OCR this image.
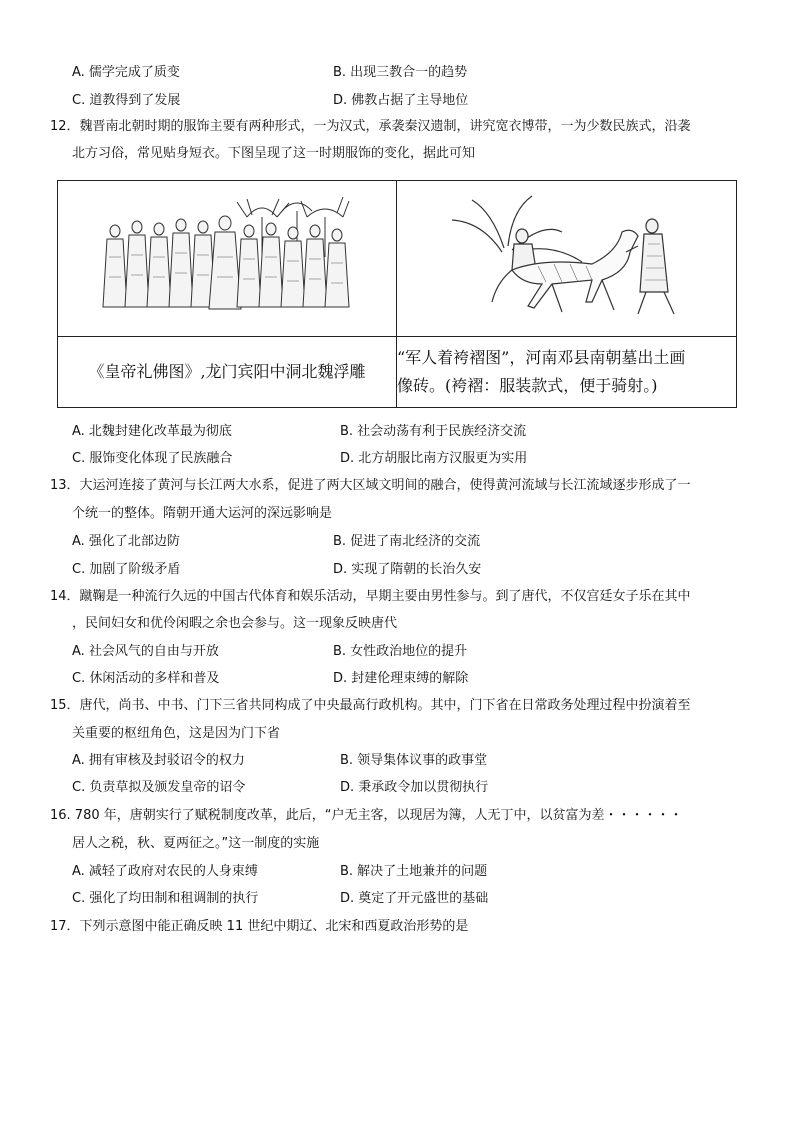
A. 儒学完成了质变	B. 出现三教合一的趋势
C. 道教得到了发展	D. 佛教占据了主导地位
12．魏晋南北朝时期的服饰主要有两种形式，一为汉式，承袭秦汉遗制，讲究宽衣博带，一为少数民族式，沿袭
北方习俗，常见贴身短衣。下图呈现了这一时期服饰的变化，据此可知

《皇帝礼佛图》,龙门宾阳中洞北魏浮雕	“军人着袴褶图”，河南邓县南朝墓出土画
像砖。(袴褶：服装款式，便于骑射。)
A. 北魏封建化改革最为彻底	B. 社会动荡有利于民族经济交流
C. 服饰变化体现了民族融合	D. 北方胡服比南方汉服更为实用
13．大运河连接了黄河与长江两大水系，促进了两大区域文明间的融合，使得黄河流域与长江流域逐步形成了一
个统一的整体。隋朝开通大运河的深远影响是
A. 强化了北部边防	B. 促进了南北经济的交流
C. 加剧了阶级矛盾	D. 实现了隋朝的长治久安
14．蹴鞠是一种流行久远的中国古代体育和娱乐活动，早期主要由男性参与。到了唐代，不仅宫廷女子乐在其中
，民间妇女和优伶闲暇之余也会参与。这一现象反映唐代
A. 社会风气的自由与开放	B. 女性政治地位的提升
C. 休闲活动的多样和普及	D. 封建伦理束缚的解除
15．唐代，尚书、中书、门下三省共同构成了中央最高行政机构。其中，门下省在日常政务处理过程中扮演着至
关重要的枢纽角色，这是因为门下省
A. 拥有审核及封驳诏令的权力	B. 领导集体议事的政事堂
C. 负责草拟及颁发皇帝的诏令	D. 秉承政令加以贯彻执行
16. 780 年，唐朝实行了赋税制度改革，此后，“户无主客，以现居为簿，人无丁中，以贫富为差・・・・・・
居人之税，秋、夏两征之。”这一制度的实施
A. 减轻了政府对农民的人身束缚	B. 解决了土地兼并的问题
C. 强化了均田制和租调制的执行	D. 奠定了开元盛世的基础
17．下列示意图中能正确反映 11 世纪中期辽、北宋和西夏政治形势的是
